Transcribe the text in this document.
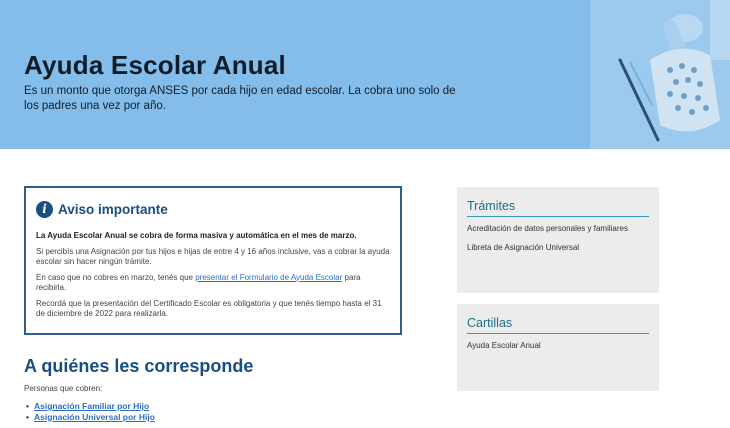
Ayuda Escolar Anual

Es un monto que otorga ANSES por cada hijo en edad escolar. La cobra uno solo de los padres una vez por año.

i Aviso importante

La Ayuda Escolar Anual se cobra de forma masiva y automática en el mes de marzo.

Si percibís una Asignación por tus hijos e hijas de entre 4 y 16 años inclusive, vas a cobrar la ayuda escolar sin hacer ningún trámite.

En caso que no cobres en marzo, tenés que presentar el Formulario de Ayuda Escolar para recibirla.

Recordá que la presentación del Certificado Escolar es obligatoria y que tenés tiempo hasta el 31 de diciembre de 2022 para realizarla.

A quiénes les corresponde

Personas que cobren:

• Asignación Familiar por Hijo
• Asignación Universal por Hijo
Trámites
Acreditación de datos personales y familiares
Libreta de Asignación Universal
Cartillas
Ayuda Escolar Anual
